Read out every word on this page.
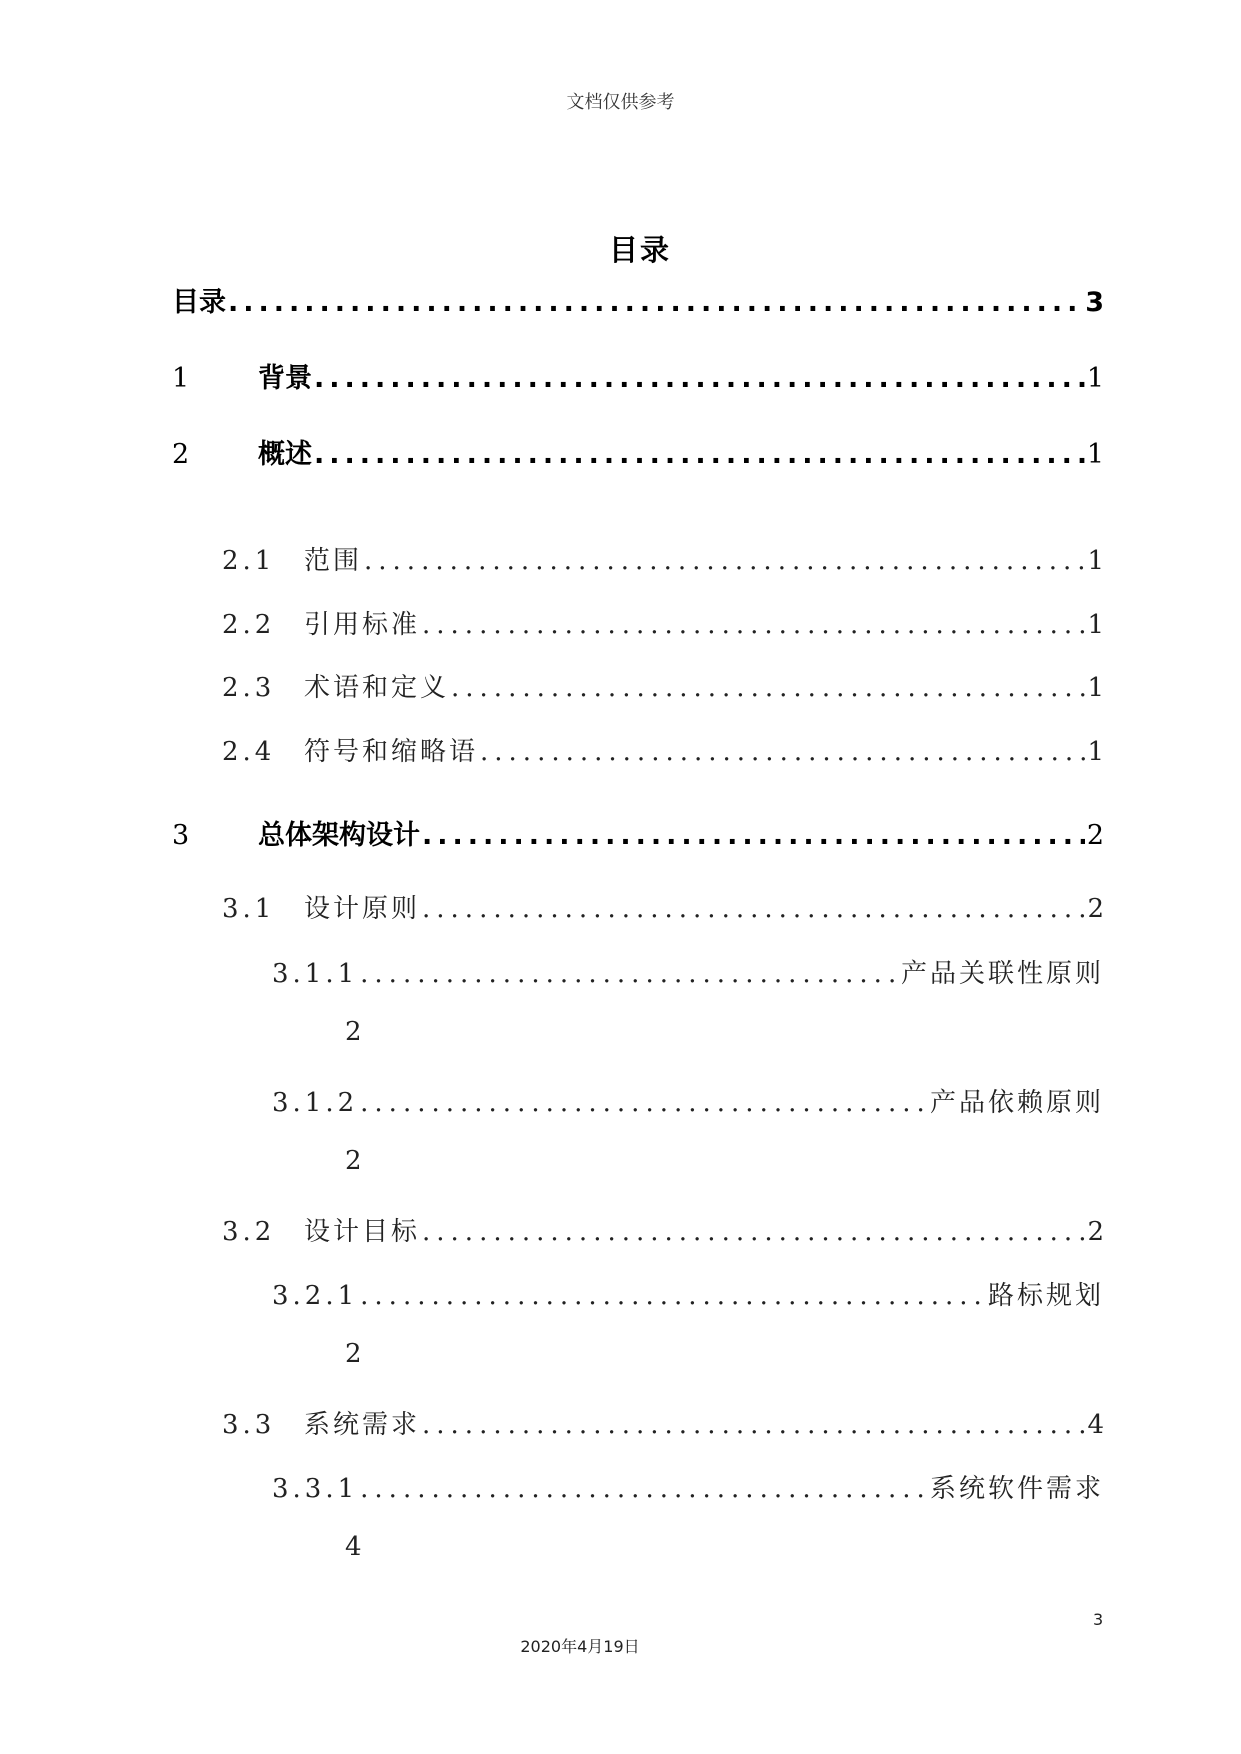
文档仅供参考
目录
目录 .....	3
1	背景 .....	1
2	概述 .....	1
2.1	范围 .....	1
2.2	引用标准 .....	1
2.3	术语和定义 .....	1
2.4	符号和缩略语 .....	1
3	总体架构设计 .....	2
3.1	设计原则 .....	2
3.1.1 .....	产品关联性原则
2
3.1.2 .....	产品依赖原则
2
3.2	设计目标 .....	2
3.2.1 .....	路标规划
2
3.3	系统需求 .....	4
3.3.1 .....	系统软件需求
4
3
2020年4月19日
